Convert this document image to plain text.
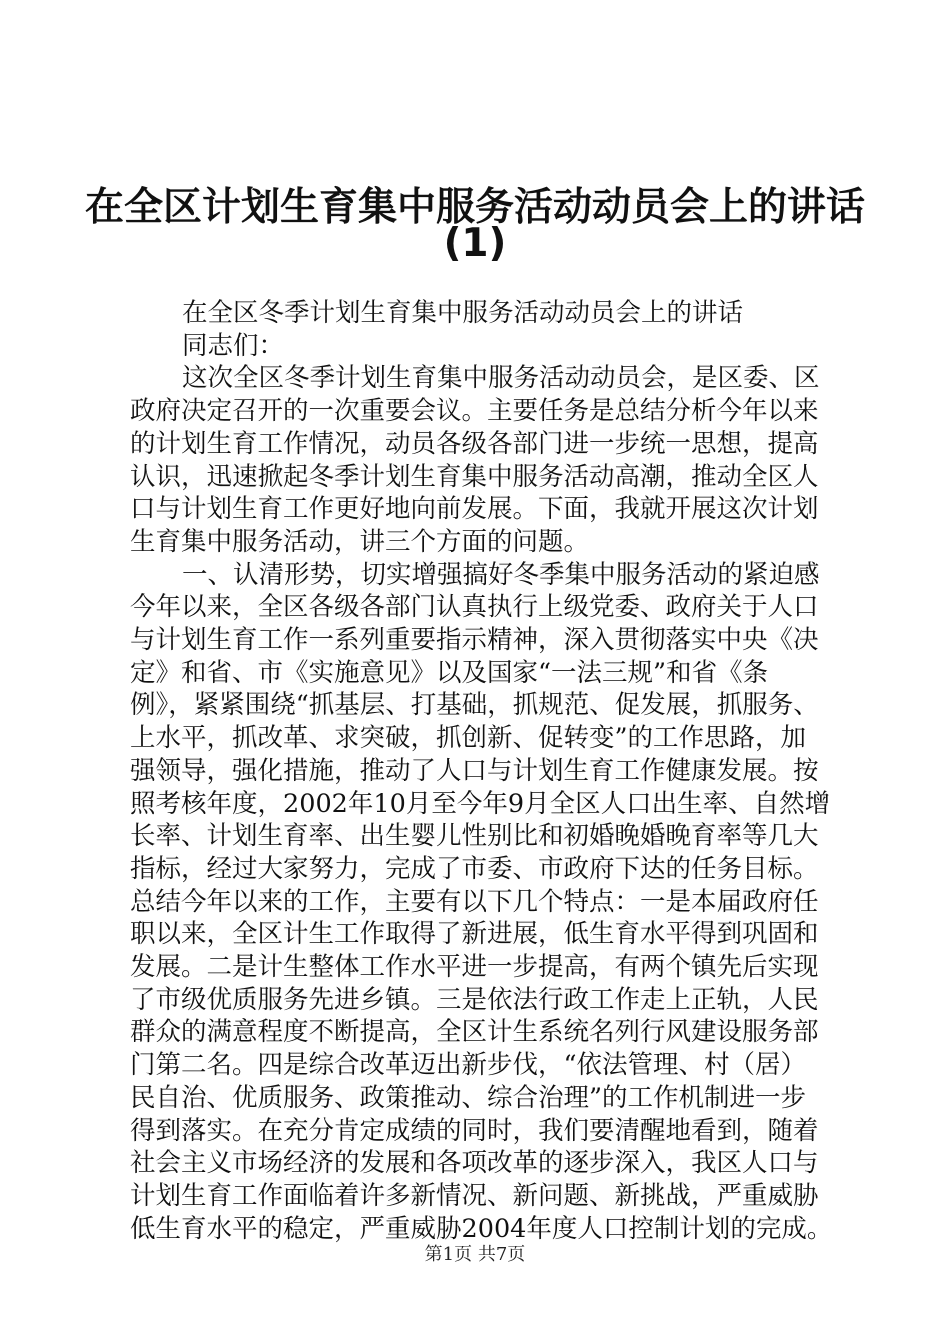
在全区计划生育集中服务活动动员会上的讲话
(1)

在全区冬季计划生育集中服务活动动员会上的讲话

同志们：

这次全区冬季计划生育集中服务活动动员会，是区委、区

政府决定召开的一次重要会议。主要任务是总结分析今年以来

的计划生育工作情况，动员各级各部门进一步统一思想，提高

认识，迅速掀起冬季计划生育集中服务活动高潮，推动全区人

口与计划生育工作更好地向前发展。下面，我就开展这次计划

生育集中服务活动，讲三个方面的问题。

一、认清形势，切实增强搞好冬季集中服务活动的紧迫感

今年以来，全区各级各部门认真执行上级党委、政府关于人口

与计划生育工作一系列重要指示精神，深入贯彻落实中央《决

定》和省、市《实施意见》以及国家“一法三规”和省《条

例》，紧紧围绕“抓基层、打基础，抓规范、促发展，抓服务、

上水平，抓改革、求突破，抓创新、促转变”的工作思路，加

强领导，强化措施，推动了人口与计划生育工作健康发展。按

照考核年度，2002年10月至今年9月全区人口出生率、自然增

长率、计划生育率、出生婴儿性别比和初婚晚婚晚育率等几大

指标，经过大家努力，完成了市委、市政府下达的任务目标。

总结今年以来的工作，主要有以下几个特点：一是本届政府任

职以来，全区计生工作取得了新进展，低生育水平得到巩固和

发展。二是计生整体工作水平进一步提高，有两个镇先后实现

了市级优质服务先进乡镇。三是依法行政工作走上正轨，人民

群众的满意程度不断提高，全区计生系统名列行风建设服务部

门第二名。四是综合改革迈出新步伐，“依法管理、村（居）

民自治、优质服务、政策推动、综合治理”的工作机制进一步

得到落实。在充分肯定成绩的同时，我们要清醒地看到，随着

社会主义市场经济的发展和各项改革的逐步深入，我区人口与

计划生育工作面临着许多新情况、新问题、新挑战，严重威胁

低生育水平的稳定，严重威胁2004年度人口控制计划的完成。

第1页 共7页
